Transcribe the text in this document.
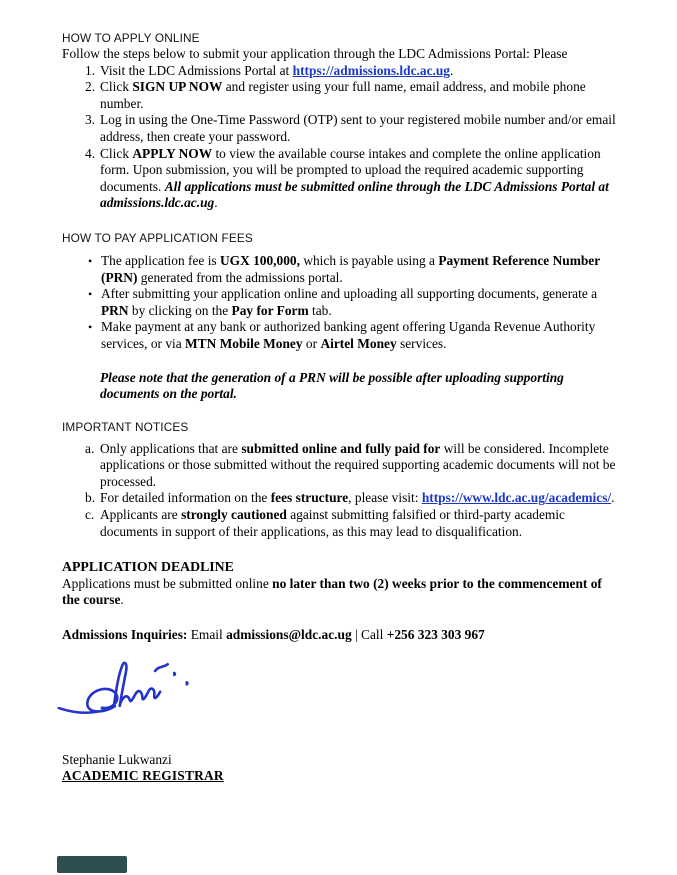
HOW TO APPLY ONLINE

Follow the steps below to submit your application through the LDC Admissions Portal: Please

1. Visit the LDC Admissions Portal at https://admissions.ldc.ac.ug.
2. Click SIGN UP NOW and register using your full name, email address, and mobile phone number.
3. Log in using the One-Time Password (OTP) sent to your registered mobile number and/or email address, then create your password.
4. Click APPLY NOW to view the available course intakes and complete the online application form. Upon submission, you will be prompted to upload the required academic supporting documents. All applications must be submitted online through the LDC Admissions Portal at admissions.ldc.ac.ug.
HOW TO PAY APPLICATION FEES
• The application fee is UGX 100,000, which is payable using a Payment Reference Number (PRN) generated from the admissions portal.
• After submitting your application online and uploading all supporting documents, generate a PRN by clicking on the Pay for Form tab.
• Make payment at any bank or authorized banking agent offering Uganda Revenue Authority services, or via MTN Mobile Money or Airtel Money services.

Please note that the generation of a PRN will be possible after uploading supporting documents on the portal.

IMPORTANT NOTICES
a. Only applications that are submitted online and fully paid for will be considered. Incomplete applications or those submitted without the required supporting academic documents will not be processed.
b. For detailed information on the fees structure, please visit: https://www.ldc.ac.ug/academics/.
c. Applicants are strongly cautioned against submitting falsified or third-party academic documents in support of their applications, as this may lead to disqualification.
APPLICATION DEADLINE

Applications must be submitted online no later than two (2) weeks prior to the commencement of the course.

Admissions Inquiries: Email admissions@ldc.ac.ug | Call +256 323 303 967

Stephanie Lukwanzi
ACADEMIC REGISTRAR
